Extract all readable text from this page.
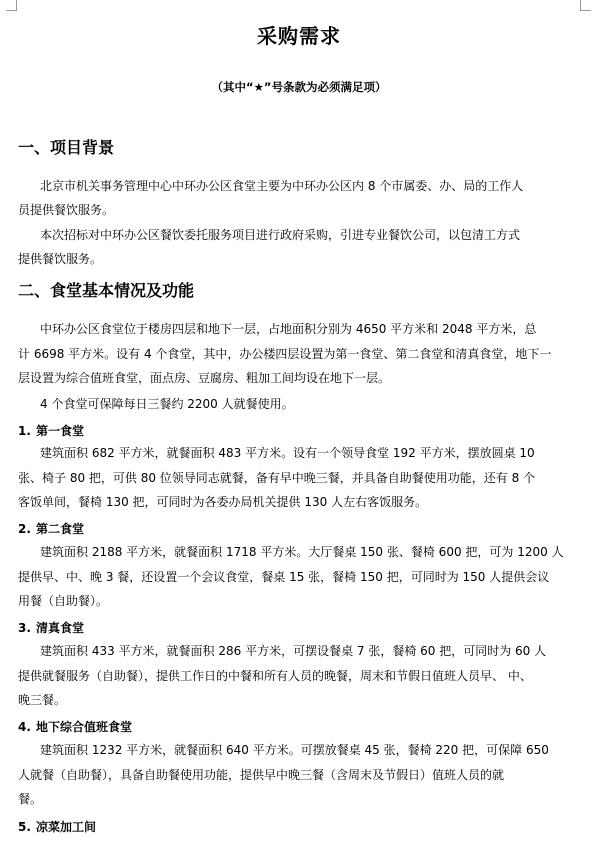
采购需求
（其中“★”号条款为必须满足项）
一、项目背景
北京市机关事务管理中心中环办公区食堂主要为中环办公区内 8 个市属委、办、局的工作人
员提供餐饮服务。
本次招标对中环办公区餐饮委托服务项目进行政府采购，引进专业餐饮公司，以包清工方式
提供餐饮服务。
二、食堂基本情况及功能
中环办公区食堂位于楼房四层和地下一层，占地面积分别为 4650 平方米和 2048 平方米，总
计 6698 平方米。设有 4 个食堂，其中，办公楼四层设置为第一食堂、第二食堂和清真食堂，地下一
层设置为综合值班食堂，面点房、豆腐房、粗加工间均设在地下一层。
4 个食堂可保障每日三餐约 2200 人就餐使用。
1. 第一食堂
建筑面积 682 平方米，就餐面积 483 平方米。设有一个领导食堂 192 平方米，摆放圆桌 10
张、椅子 80 把，可供 80 位领导同志就餐，备有早中晚三餐，并具备自助餐使用功能，还有 8 个
客饭单间，餐椅 130 把，可同时为各委办局机关提供 130 人左右客饭服务。
2. 第二食堂
建筑面积 2188 平方米，就餐面积 1718 平方米。大厅餐桌 150 张、餐椅 600 把，可为 1200 人
提供早、中、晚 3 餐，还设置一个会议食堂，餐桌 15 张，餐椅 150 把，可同时为 150 人提供会议
用餐（自助餐）。
3. 清真食堂
建筑面积 433 平方米，就餐面积 286 平方米，可摆设餐桌 7 张，餐椅 60 把，可同时为 60 人
提供就餐服务（自助餐），提供工作日的中餐和所有人员的晚餐，周末和节假日值班人员早、 中、
晚三餐。
4. 地下综合值班食堂
建筑面积 1232 平方米，就餐面积 640 平方米。可摆放餐桌 45 张，餐椅 220 把，可保障 650
人就餐（自助餐），具备自助餐使用功能，提供早中晚三餐（含周末及节假日）值班人员的就
餐。
5. 凉菜加工间
